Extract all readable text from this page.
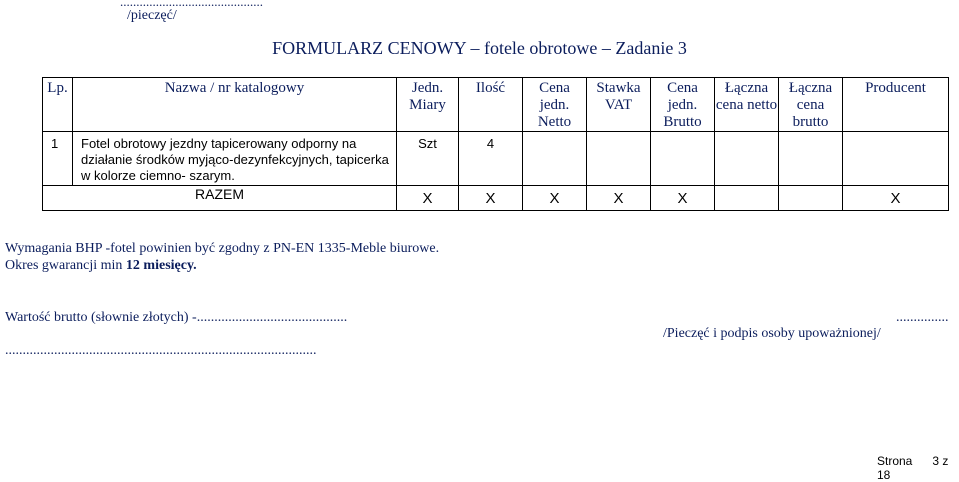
............................................
/pieczęć/
FORMULARZ CENOWY – fotele obrotowe – Zadanie 3
Lp.	Nazwa / nr katalogowy	Jedn. Miary	Ilość	Cena jedn. Netto	Stawka VAT	Cena jedn. Brutto	Łączna cena netto	Łączna cena brutto	Producent
1	Fotel obrotowy jezdny tapicerowany odporny na działanie środków myjąco-dezynfekcyjnych, tapicerka w kolorze ciemno- szarym.	Szt	4						
RAZEM		X	X	X	X	X			X
Wymagania BHP -fotel powinien być zgodny z PN-EN 1335-Meble biurowe.
Okres gwarancji min 12 miesięcy.
Wartość brutto (słownie złotych) -...........................................
.........................................................................................
...............
/Pieczęć i podpis osoby upoważnionej/
Strona 3 z 18
